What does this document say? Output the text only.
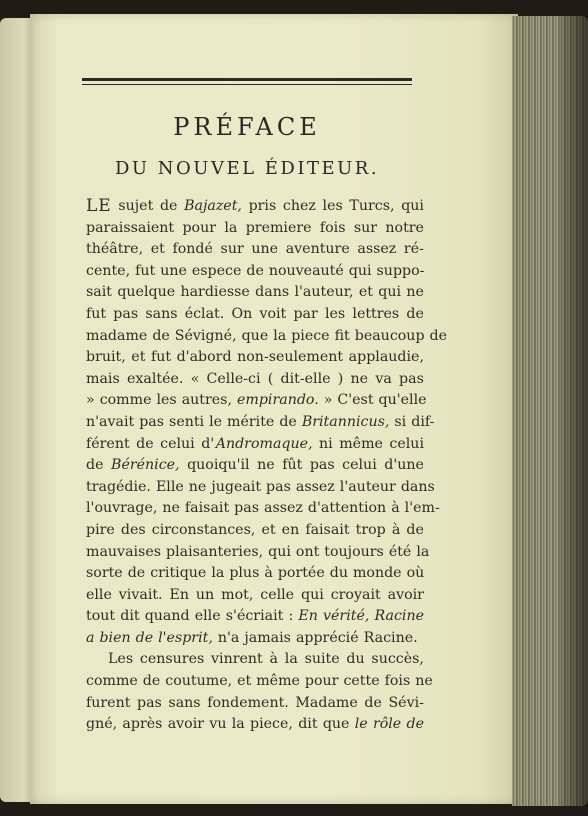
PRÉFACE
DU NOUVEL ÉDITEUR.
LE sujet de Bajazet, pris chez les Turcs, qui
paraissaient pour la premiere fois sur notre
théâtre, et fondé sur une aventure assez ré-
cente, fut une espece de nouveauté qui suppo-
sait quelque hardiesse dans l'auteur, et qui ne
fut pas sans éclat. On voit par les lettres de
madame de Sévigné, que la piece fit beaucoup de
bruit, et fut d'abord non-seulement applaudie,
mais exaltée. « Celle-ci ( dit-elle ) ne va pas
» comme les autres, empirando. » C'est qu'elle
n'avait pas senti le mérite de Britannicus, si dif-
férent de celui d' Andromaque, ni même celui
de Bérénice, quoiqu'il ne fût pas celui d'une
tragédie. Elle ne jugeait pas assez l'auteur dans
l'ouvrage, ne faisait pas assez d'attention à l'em-
pire des circonstances, et en faisait trop à de
mauvaises plaisanteries, qui ont toujours été la
sorte de critique la plus à portée du monde où
elle vivait. En un mot, celle qui croyait avoir
tout dit quand elle s'écriait : En vérité, Racine
a bien de l'esprit, n'a jamais apprécié Racine.
Les censures vinrent à la suite du succès,
comme de coutume, et même pour cette fois ne
furent pas sans fondement. Madame de Sévi-
gné, après avoir vu la piece, dit que le rôle de
